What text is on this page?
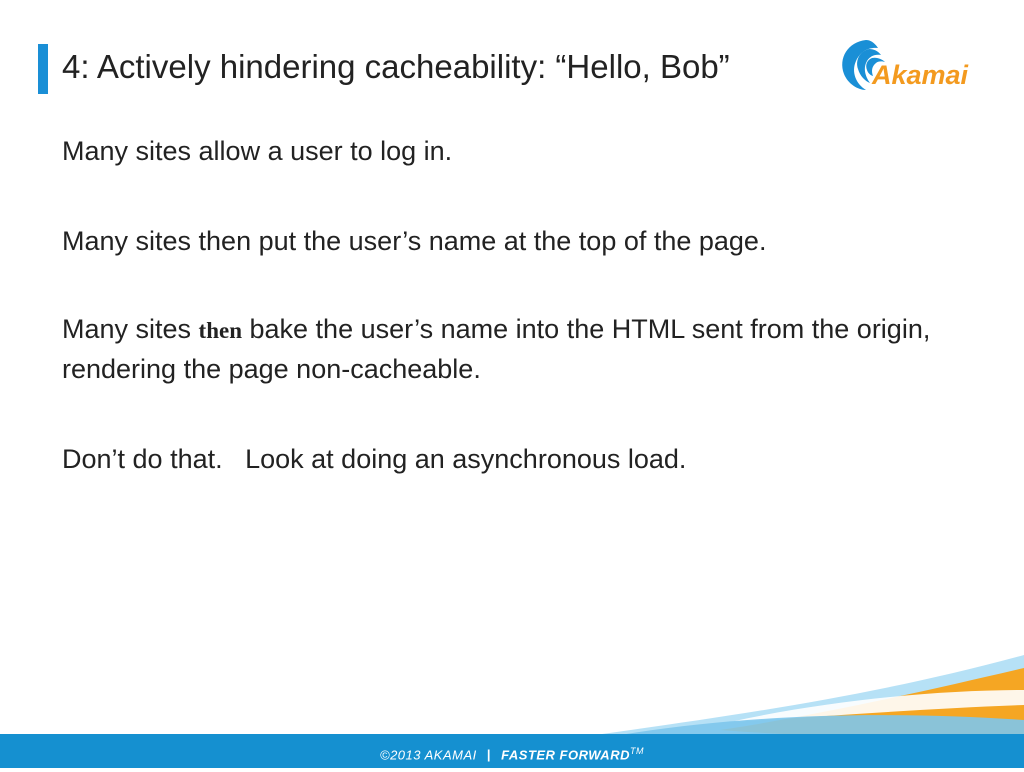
4: Actively hindering cacheability: “Hello, Bob”	Akamai

Many sites allow a user to log in.

Many sites then put the user’s name at the top of the page.

Many sites then bake the user’s name into the HTML sent from the origin, rendering the page non-cacheable.

Don’t do that.   Look at doing an asynchronous load.

©2013 AKAMAI | FASTER FORWARD™
